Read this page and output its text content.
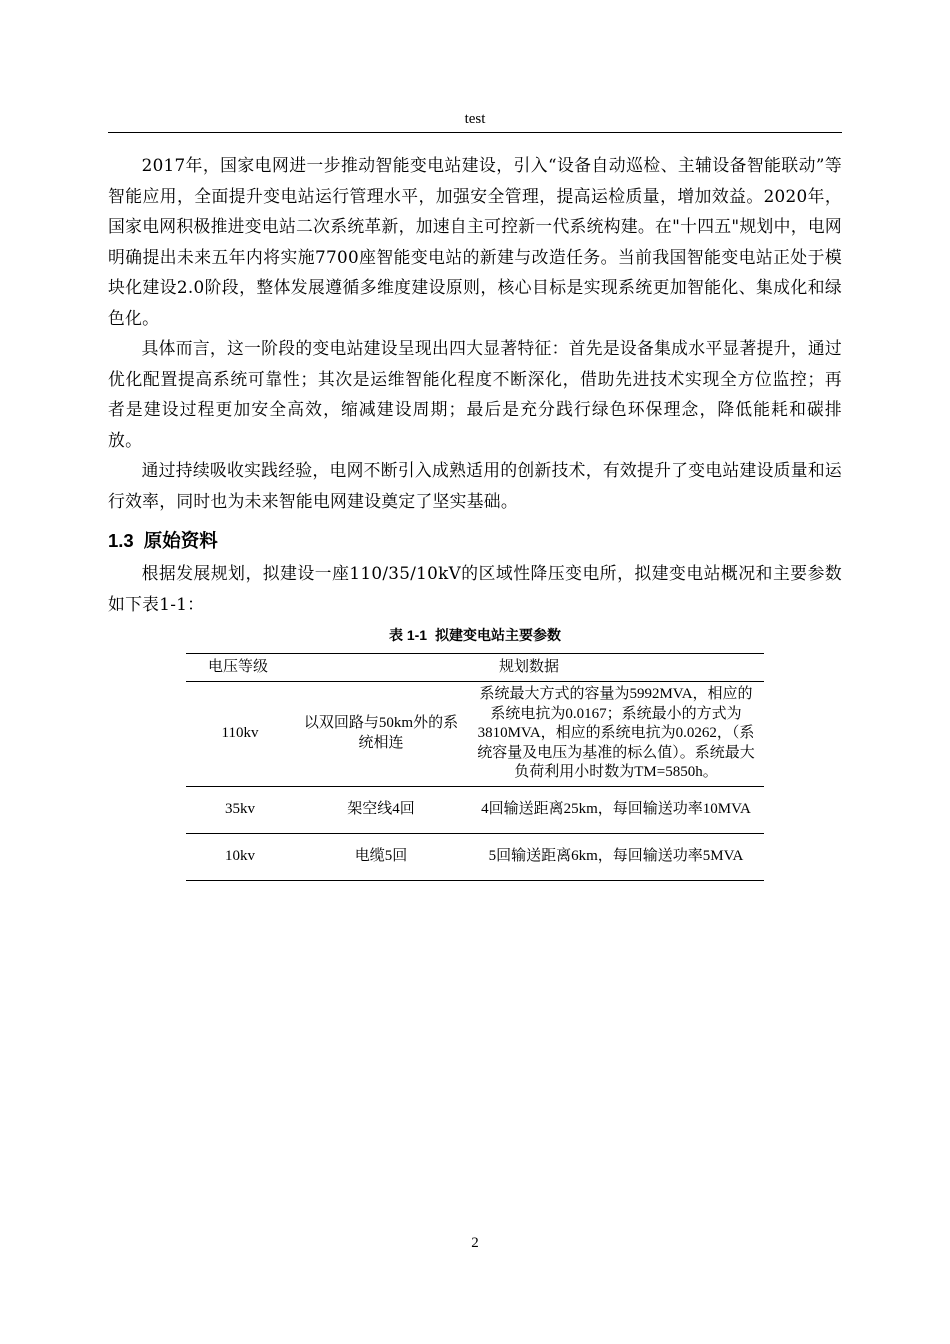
test

2017年，国家电网进一步推动智能变电站建设，引入“设备自动巡检、主辅设备智能联动”等智能应用，全面提升变电站运行管理水平，加强安全管理，提高运检质量，增加效益。2020年，国家电网积极推进变电站二次系统革新，加速自主可控新一代系统构建。在"十四五"规划中，电网明确提出未来五年内将实施7700座智能变电站的新建与改造任务。当前我国智能变电站正处于模块化建设2.0阶段，整体发展遵循多维度建设原则，核心目标是实现系统更加智能化、集成化和绿色化。

具体而言，这一阶段的变电站建设呈现出四大显著特征：首先是设备集成水平显著提升，通过优化配置提高系统可靠性；其次是运维智能化程度不断深化，借助先进技术实现全方位监控；再者是建设过程更加安全高效，缩减建设周期；最后是充分践行绿色环保理念，降低能耗和碳排放。

通过持续吸收实践经验，电网不断引入成熟适用的创新技术，有效提升了变电站建设质量和运行效率，同时也为未来智能电网建设奠定了坚实基础。

1.3 原始资料

根据发展规划，拟建设一座110/35/10kV的区域性降压变电所，拟建变电站概况和主要参数如下表1-1：

表 1-1 拟建变电站主要参数
电压等级	规划数据	
110kv	以双回路与50km外的系统相连	系统最大方式的容量为5992MVA，相应的系统电抗为0.0167；系统最小的方式为3810MVA，相应的系统电抗为0.0262，（系统容量及电压为基准的标么值）。系统最大负荷利用小时数为TM=5850h。
35kv	架空线4回	4回输送距离25km，每回输送功率10MVA
10kv	电缆5回	5回输送距离6km，每回输送功率5MVA
2
